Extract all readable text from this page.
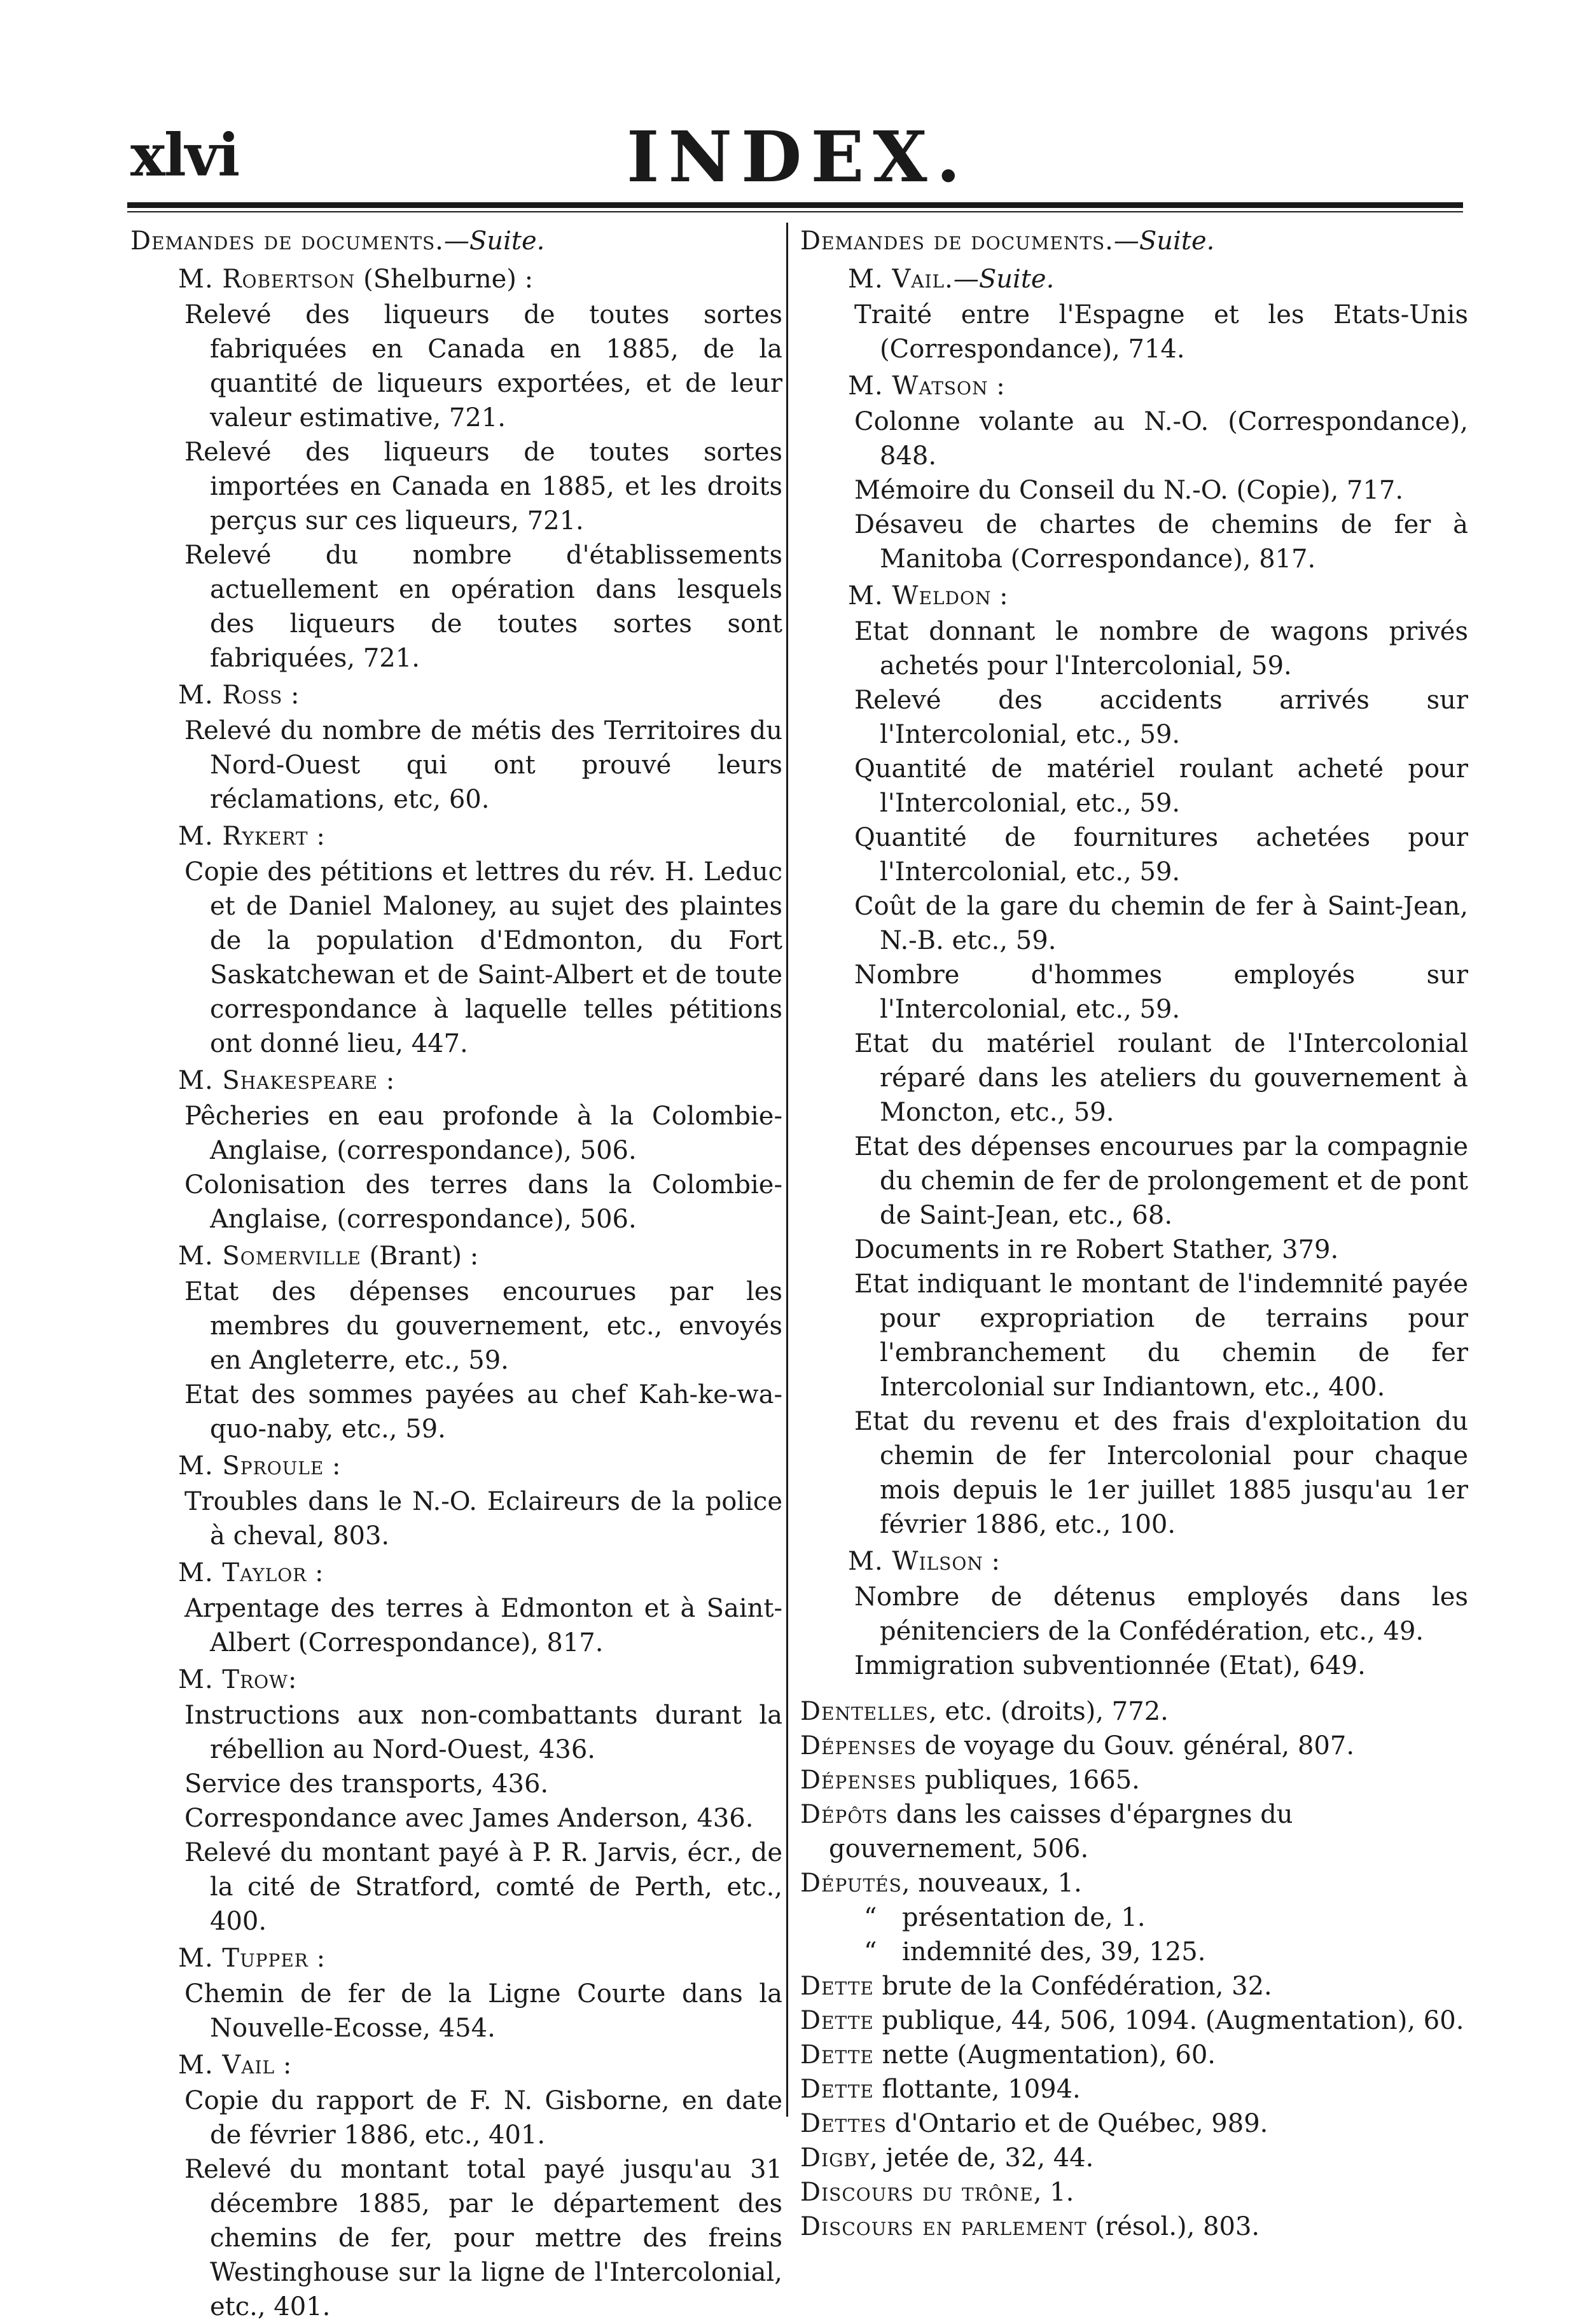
xlvi	INDEX.
Demandes de documents.—Suite.
M. Robertson (Shelburne) :

Relevé des liqueurs de toutes sortes fabriquées en Canada en 1885, de la quantité de liqueurs exportées, et de leur valeur estimative, 721.

Relevé des liqueurs de toutes sortes importées en Canada en 1885, et les droits perçus sur ces liqueurs, 721.

Relevé du nombre d'établissements actuellement en opération dans lesquels des liqueurs de toutes sortes sont fabriquées, 721.

M. Ross :

Relevé du nombre de métis des Territoires du Nord-Ouest qui ont prouvé leurs réclamations, etc, 60.

M. Rykert :

Copie des pétitions et lettres du rév. H. Leduc et de Daniel Maloney, au sujet des plaintes de la population d'Edmonton, du Fort Saskatchewan et de Saint-Albert et de toute correspondance à laquelle telles pétitions ont donné lieu, 447.

M. Shakespeare :

Pêcheries en eau profonde à la Colombie-Anglaise, (correspondance), 506.

Colonisation des terres dans la Colombie-Anglaise, (correspondance), 506.

M. Somerville (Brant) :

Etat des dépenses encourues par les membres du gouvernement, etc., envoyés en Angleterre, etc., 59.

Etat des sommes payées au chef Kah-ke-wa-quo-naby, etc., 59.

M. Sproule :

Troubles dans le N.-O. Eclaireurs de la police à cheval, 803.

M. Taylor :

Arpentage des terres à Edmonton et à Saint-Albert (Correspondance), 817.

M. Trow:

Instructions aux non-combattants durant la rébellion au Nord-Ouest, 436.

Service des transports, 436.

Correspondance avec James Anderson, 436.

Relevé du montant payé à P. R. Jarvis, écr., de la cité de Stratford, comté de Perth, etc., 400.

M. Tupper :

Chemin de fer de la Ligne Courte dans la Nouvelle-Ecosse, 454.

M. Vail :

Copie du rapport de F. N. Gisborne, en date de février 1886, etc., 401.

Relevé du montant total payé jusqu'au 31 décembre 1885, par le département des chemins de fer, pour mettre des freins Westinghouse sur la ligne de l'Intercolonial, etc., 401.

Demandes de documents.—Suite.
M. Vail.—Suite.

Traité entre l'Espagne et les Etats-Unis (Correspondance), 714.

M. Watson :

Colonne volante au N.-O. (Correspondance), 848.

Mémoire du Conseil du N.-O. (Copie), 717.

Désaveu de chartes de chemins de fer à Manitoba (Correspondance), 817.

M. Weldon :

Etat donnant le nombre de wagons privés achetés pour l'Intercolonial, 59.

Relevé des accidents arrivés sur l'Intercolonial, etc., 59.

Quantité de matériel roulant acheté pour l'Intercolonial, etc., 59.

Quantité de fournitures achetées pour l'Intercolonial, etc., 59.

Coût de la gare du chemin de fer à Saint-Jean, N.-B. etc., 59.

Nombre d'hommes employés sur l'Intercolonial, etc., 59.

Etat du matériel roulant de l'Intercolonial réparé dans les ateliers du gouvernement à Moncton, etc., 59.

Etat des dépenses encourues par la compagnie du chemin de fer de prolongement et de pont de Saint-Jean, etc., 68.

Documents in re Robert Stather, 379.

Etat indiquant le montant de l'indemnité payée pour expropriation de terrains pour l'embranchement du chemin de fer Intercolonial sur Indiantown, etc., 400.

Etat du revenu et des frais d'exploitation du chemin de fer Intercolonial pour chaque mois depuis le 1er juillet 1885 jusqu'au 1er février 1886, etc., 100.

M. Wilson :

Nombre de détenus employés dans les pénitenciers de la Confédération, etc., 49.

Immigration subventionnée (Etat), 649.

Dentelles, etc. (droits), 772.

Dépenses de voyage du Gouv. général, 807.

Dépenses publiques, 1665.

Dépôts dans les caisses d'épargnes du gouvernement, 506.

Députés, nouveaux, 1.

“ présentation de, 1.

“ indemnité des, 39, 125.

Dette brute de la Confédération, 32.

Dette publique, 44, 506, 1094. (Augmentation), 60.

Dette nette (Augmentation), 60.

Dette flottante, 1094.

Dettes d'Ontario et de Québec, 989.

Digby, jetée de, 32, 44.

Discours du trône, 1.

Discours en parlement (résol.), 803.
